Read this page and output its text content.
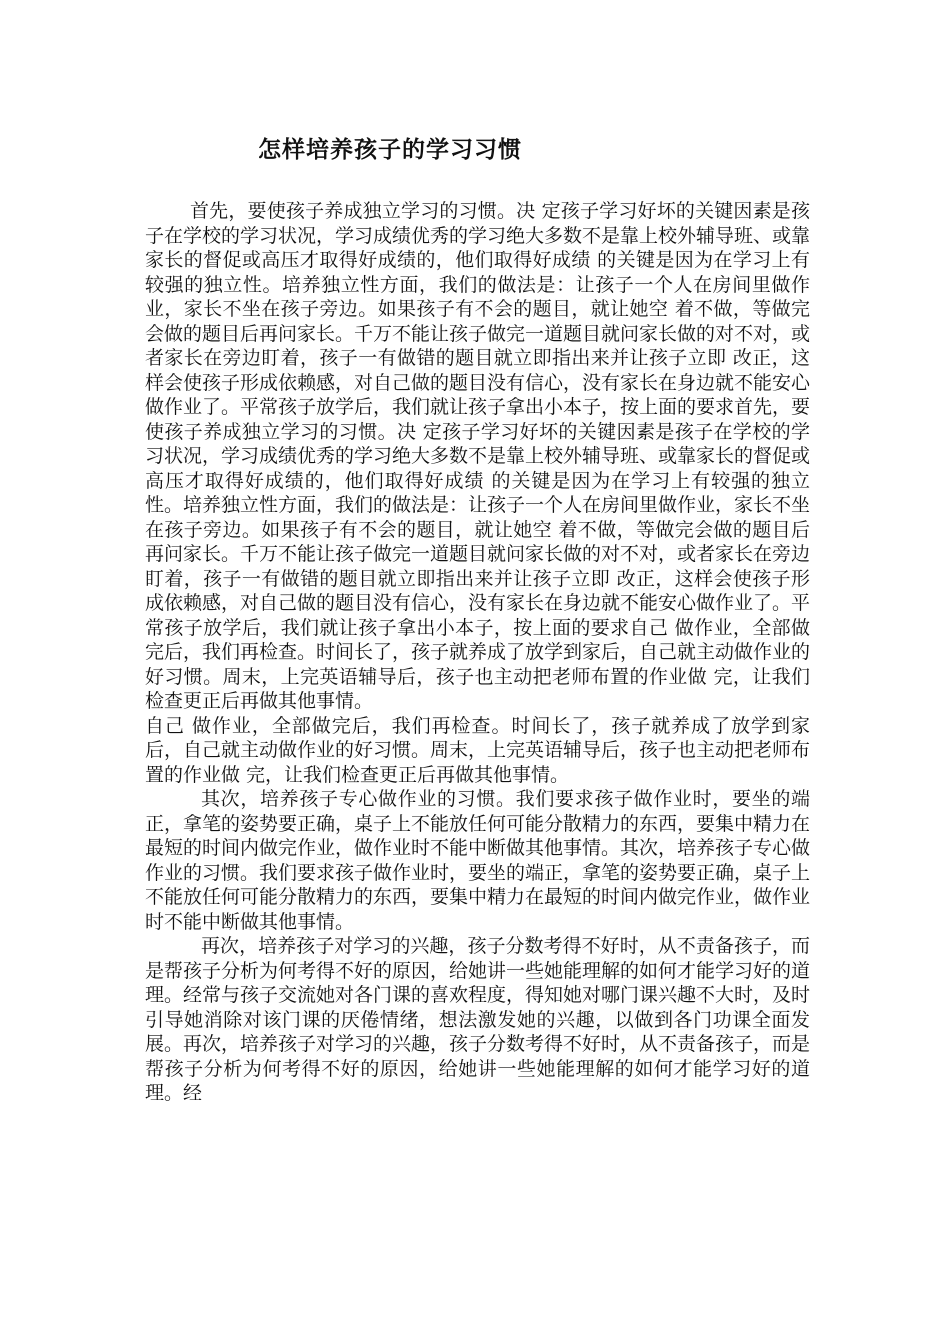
怎样培养孩子的学习习惯

首先，要使孩子养成独立学习的习惯。决 定孩子学习好坏的关键因素是孩子在学校的学习状况，学习成绩优秀的学习绝大多数不是靠上校外辅导班、或靠家长的督促或高压才取得好成绩的，他们取得好成绩 的关键是因为在学习上有较强的独立性。培养独立性方面，我们的做法是：让孩子一个人在房间里做作业，家长不坐在孩子旁边。如果孩子有不会的题目，就让她空 着不做，等做完会做的题目后再问家长。千万不能让孩子做完一道题目就问家长做的对不对，或者家长在旁边盯着，孩子一有做错的题目就立即指出来并让孩子立即 改正，这样会使孩子形成依赖感，对自己做的题目没有信心，没有家长在身边就不能安心做作业了。平常孩子放学后，我们就让孩子拿出小本子，按上面的要求首先，要使孩子养成独立学习的习惯。决 定孩子学习好坏的关键因素是孩子在学校的学习状况，学习成绩优秀的学习绝大多数不是靠上校外辅导班、或靠家长的督促或高压才取得好成绩的，他们取得好成绩 的关键是因为在学习上有较强的独立性。培养独立性方面，我们的做法是：让孩子一个人在房间里做作业，家长不坐在孩子旁边。如果孩子有不会的题目，就让她空 着不做，等做完会做的题目后再问家长。千万不能让孩子做完一道题目就问家长做的对不对，或者家长在旁边盯着，孩子一有做错的题目就立即指出来并让孩子立即 改正，这样会使孩子形成依赖感，对自己做的题目没有信心，没有家长在身边就不能安心做作业了。平常孩子放学后，我们就让孩子拿出小本子，按上面的要求自己 做作业，全部做完后，我们再检查。时间长了，孩子就养成了放学到家后，自己就主动做作业的好习惯。周末，上完英语辅导后，孩子也主动把老师布置的作业做 完，让我们检查更正后再做其他事情。

自己 做作业，全部做完后，我们再检查。时间长了，孩子就养成了放学到家后，自己就主动做作业的好习惯。周末，上完英语辅导后，孩子也主动把老师布置的作业做 完，让我们检查更正后再做其他事情。

其次，培养孩子专心做作业的习惯。我们要求孩子做作业时，要坐的端正，拿笔的姿势要正确，桌子上不能放任何可能分散精力的东西，要集中精力在最短的时间内做完作业，做作业时不能中断做其他事情。其次，培养孩子专心做作业的习惯。我们要求孩子做作业时，要坐的端正，拿笔的姿势要正确，桌子上不能放任何可能分散精力的东西，要集中精力在最短的时间内做完作业，做作业时不能中断做其他事情。

再次，培养孩子对学习的兴趣，孩子分数考得不好时，从不责备孩子，而是帮孩子分析为何考得不好的原因，给她讲一些她能理解的如何才能学习好的道理。经常与孩子交流她对各门课的喜欢程度，得知她对哪门课兴趣不大时，及时引导她消除对该门课的厌倦情绪，想法激发她的兴趣，以做到各门功课全面发展。再次，培养孩子对学习的兴趣，孩子分数考得不好时，从不责备孩子，而是帮孩子分析为何考得不好的原因，给她讲一些她能理解的如何才能学习好的道理。经
